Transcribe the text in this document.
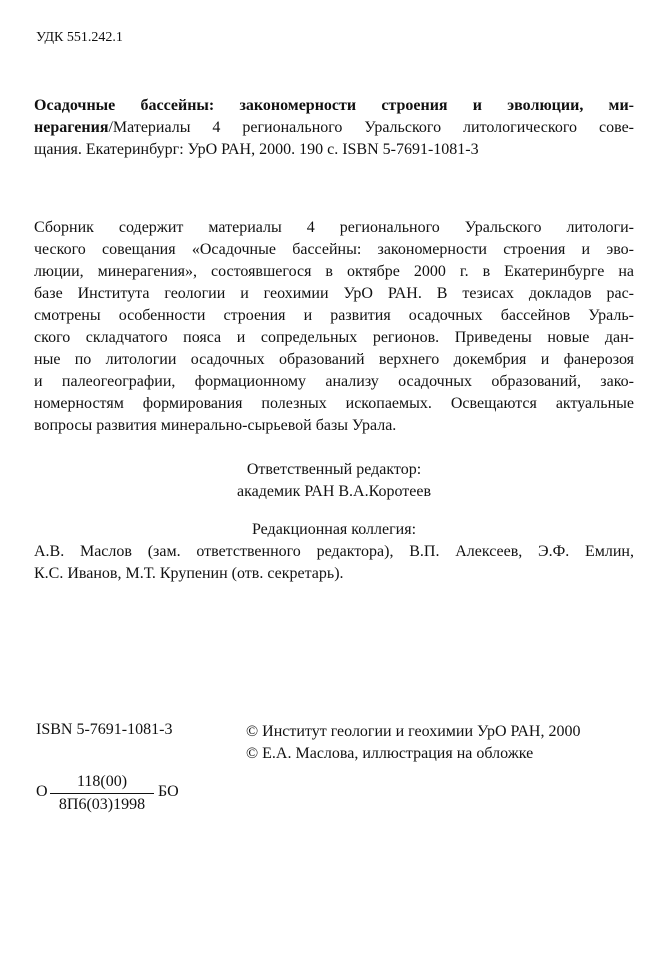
УДК 551.242.1
Осадочные бассейны: закономерности строения и эволюции, ми-
нерагения/Материалы 4 регионального Уральского литологического сове-
щания. Екатеринбург: УрО РАН, 2000. 190 с. ISBN 5-7691-1081-3
Сборник содержит материалы 4 регионального Уральского литологи-
ческого совещания «Осадочные бассейны: закономерности строения и эво-
люции, минерагения», состоявшегося в октябре 2000 г. в Екатеринбурге на
базе Института геологии и геохимии УрО РАН. В тезисах докладов рас-
смотрены особенности строения и развития осадочных бассейнов Ураль-
ского складчатого пояса и сопредельных регионов. Приведены новые дан-
ные по литологии осадочных образований верхнего докембрия и фанерозоя
и палеогеографии, формационному анализу осадочных образований, зако-
номерностям формирования полезных ископаемых. Освещаются актуальные
вопросы развития минерально-сырьевой базы Урала.
Ответственный редактор:
академик РАН В.А.Коротеев
Редакционная коллегия:
А.В. Маслов (зам. ответственного редактора), В.П. Алексеев, Э.Ф. Емлин,
К.С. Иванов, М.Т. Крупенин (отв. секретарь).
ISBN 5-7691-1081-3	© Институт геологии и геохимии УрО РАН, 2000
© Е.А. Маслова, иллюстрация на обложке
О
118(00)
8П6(03)1998
БО
